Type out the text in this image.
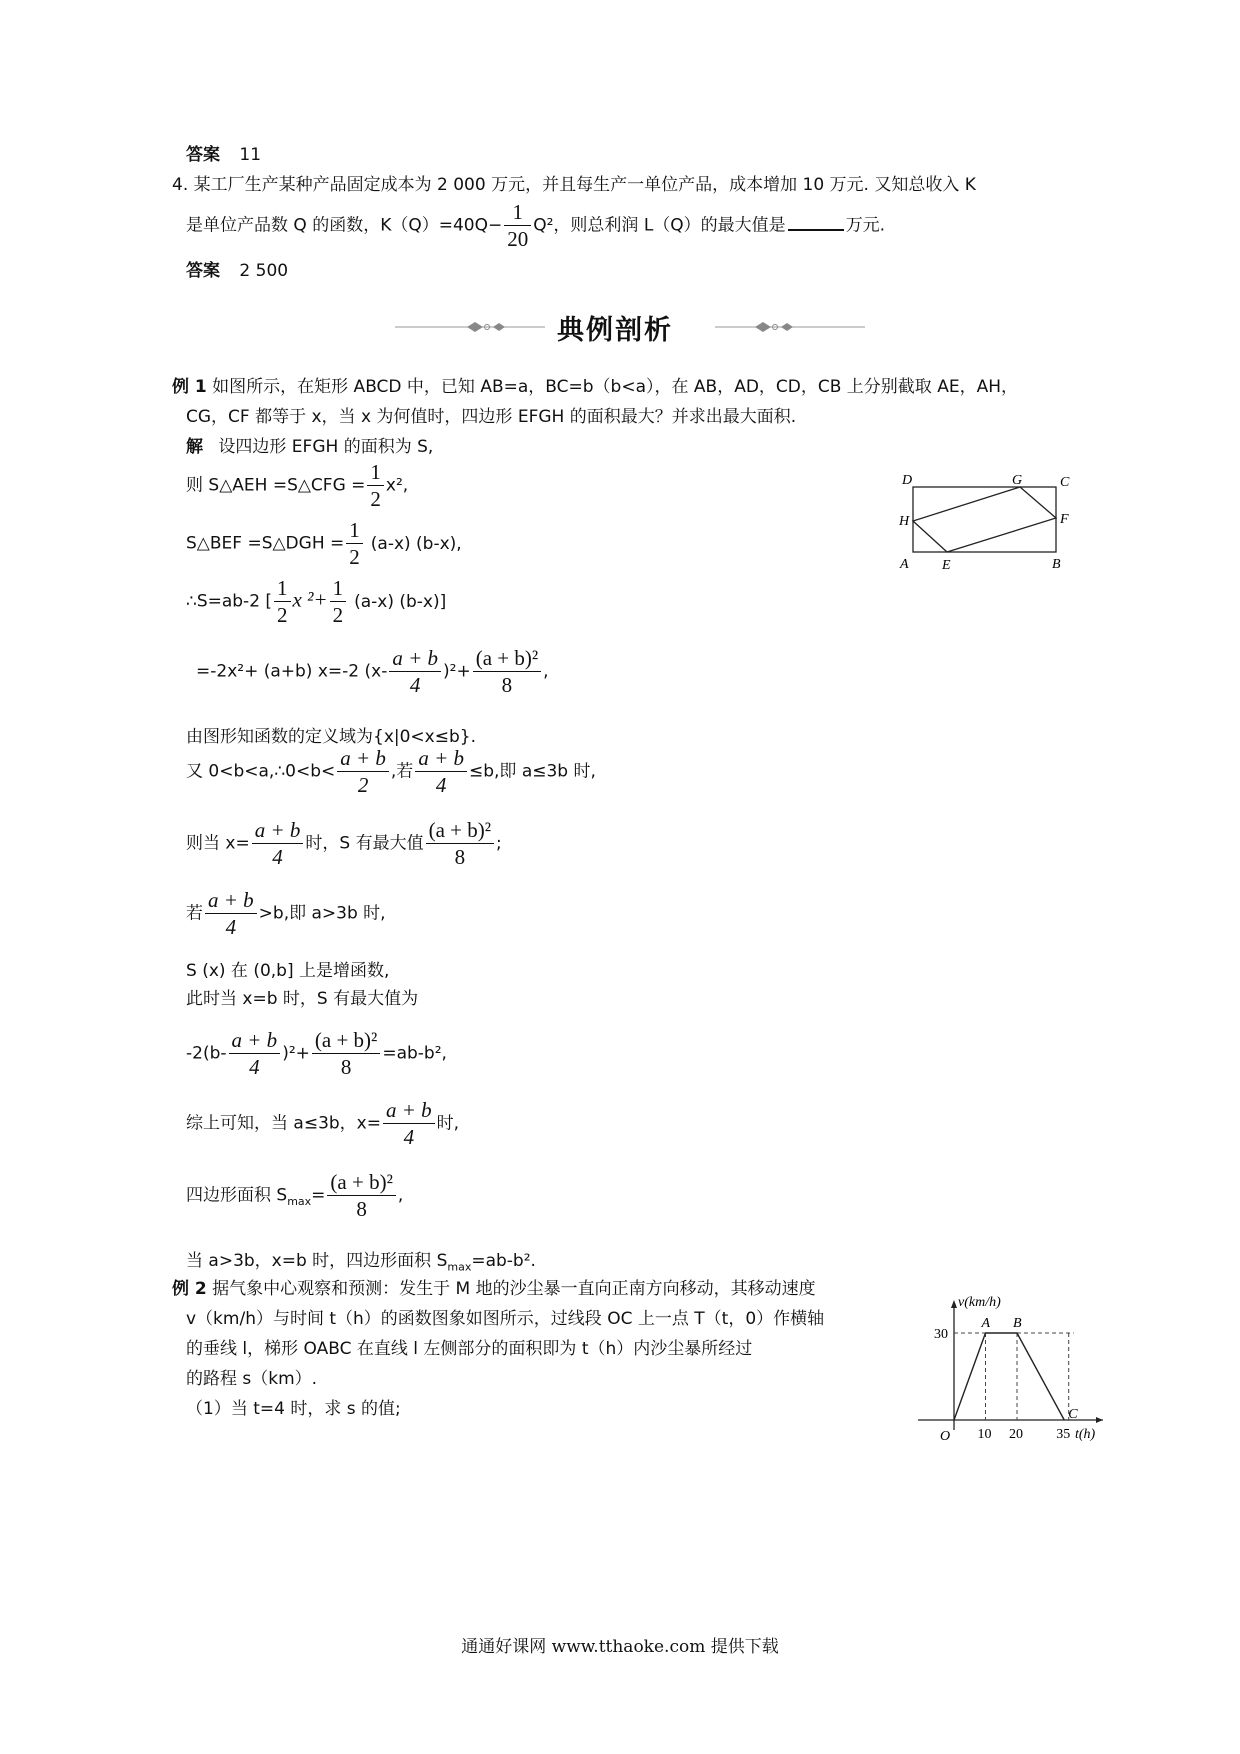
答案 11
4. 某工厂生产某种产品固定成本为 2 000 万元，并且每生产一单位产品，成本增加 10 万元. 又知总收入 K
是单位产品数 Q 的函数，$K(Q)=40Q- \frac{1}{20} Q^2$，则总利润 L（Q）的最大值是	万元.
答案 2 500
典例剖析
例 1 如图所示，在矩形 ABCD 中，已知 AB=a，BC=b（b<a），在 AB，AD，CD，CB 上分别截取 AE，AH，
CG，CF 都等于 x，当 x 为何值时，四边形 EFGH 的面积最大？并求出最大面积.
解 设四边形 EFGH 的面积为 S,
则 S△AEH =S△CFG = $\frac{1}{2} x^2$,
S△BEF =S△DGH = $\frac{1}{2} (a-x)$ (b-x),
∴S=ab-2 [ $\frac{1}{2}$ x $^2+ \frac{1}{2} (a-x)$ (b-x)]
=-2x²+ (a+b) x=-2 $(x- \frac{a + b}{4} )^2+ \frac{\text{(a + b)²}}{8}$ ,
由图形知函数的定义域为{x|0<x≤b}.
又 0<b<a,∴0<b< $\frac{a + b}{2}$ ,若 $\frac{a + b}{4} \le b$,即 a≤3b 时,
则当 $x= \frac{a + b}{4}$ 时，S 有最大值 $\frac{\text{(a + b)²}}{8}$ ;
若 $\frac{a + b}{4} >b$,即 a>3b 时,
S (x) 在 (0,b] 上是增函数,
此时当 x=b 时，S 有最大值为
$-2(b- \frac{a + b}{4} )^2+ \frac{\text{(a + b)²}}{8} =ab-b^2$,
综上可知，当 a≤3b，$x= \frac{a + b}{4}$ 时,
四边形面积 $S_{max}= \frac{\text{(a + b)²}}{8}$ ,
当 a>3b，x=b 时，四边形面积 $S_{max}=ab-b^2$.
D	G	C
H	F
A E	B
例 2 据气象中心观察和预测：发生于 M 地的沙尘暴一直向正南方向移动，其移动速度
v（km/h）与时间 t（h）的函数图象如图所示，过线段 OC 上一点 T（t，0）作横轴
的垂线 l，梯形 OABC 在直线 l 左侧部分的面积即为 t（h）内沙尘暴所经过
的路程 s（km）.
（1）当 t=4 时，求 s 的值;
v(km/h)
t(h)
O 10 20 35
30
A B
C
通通好课网 www.tthaoke.com 提供下载
